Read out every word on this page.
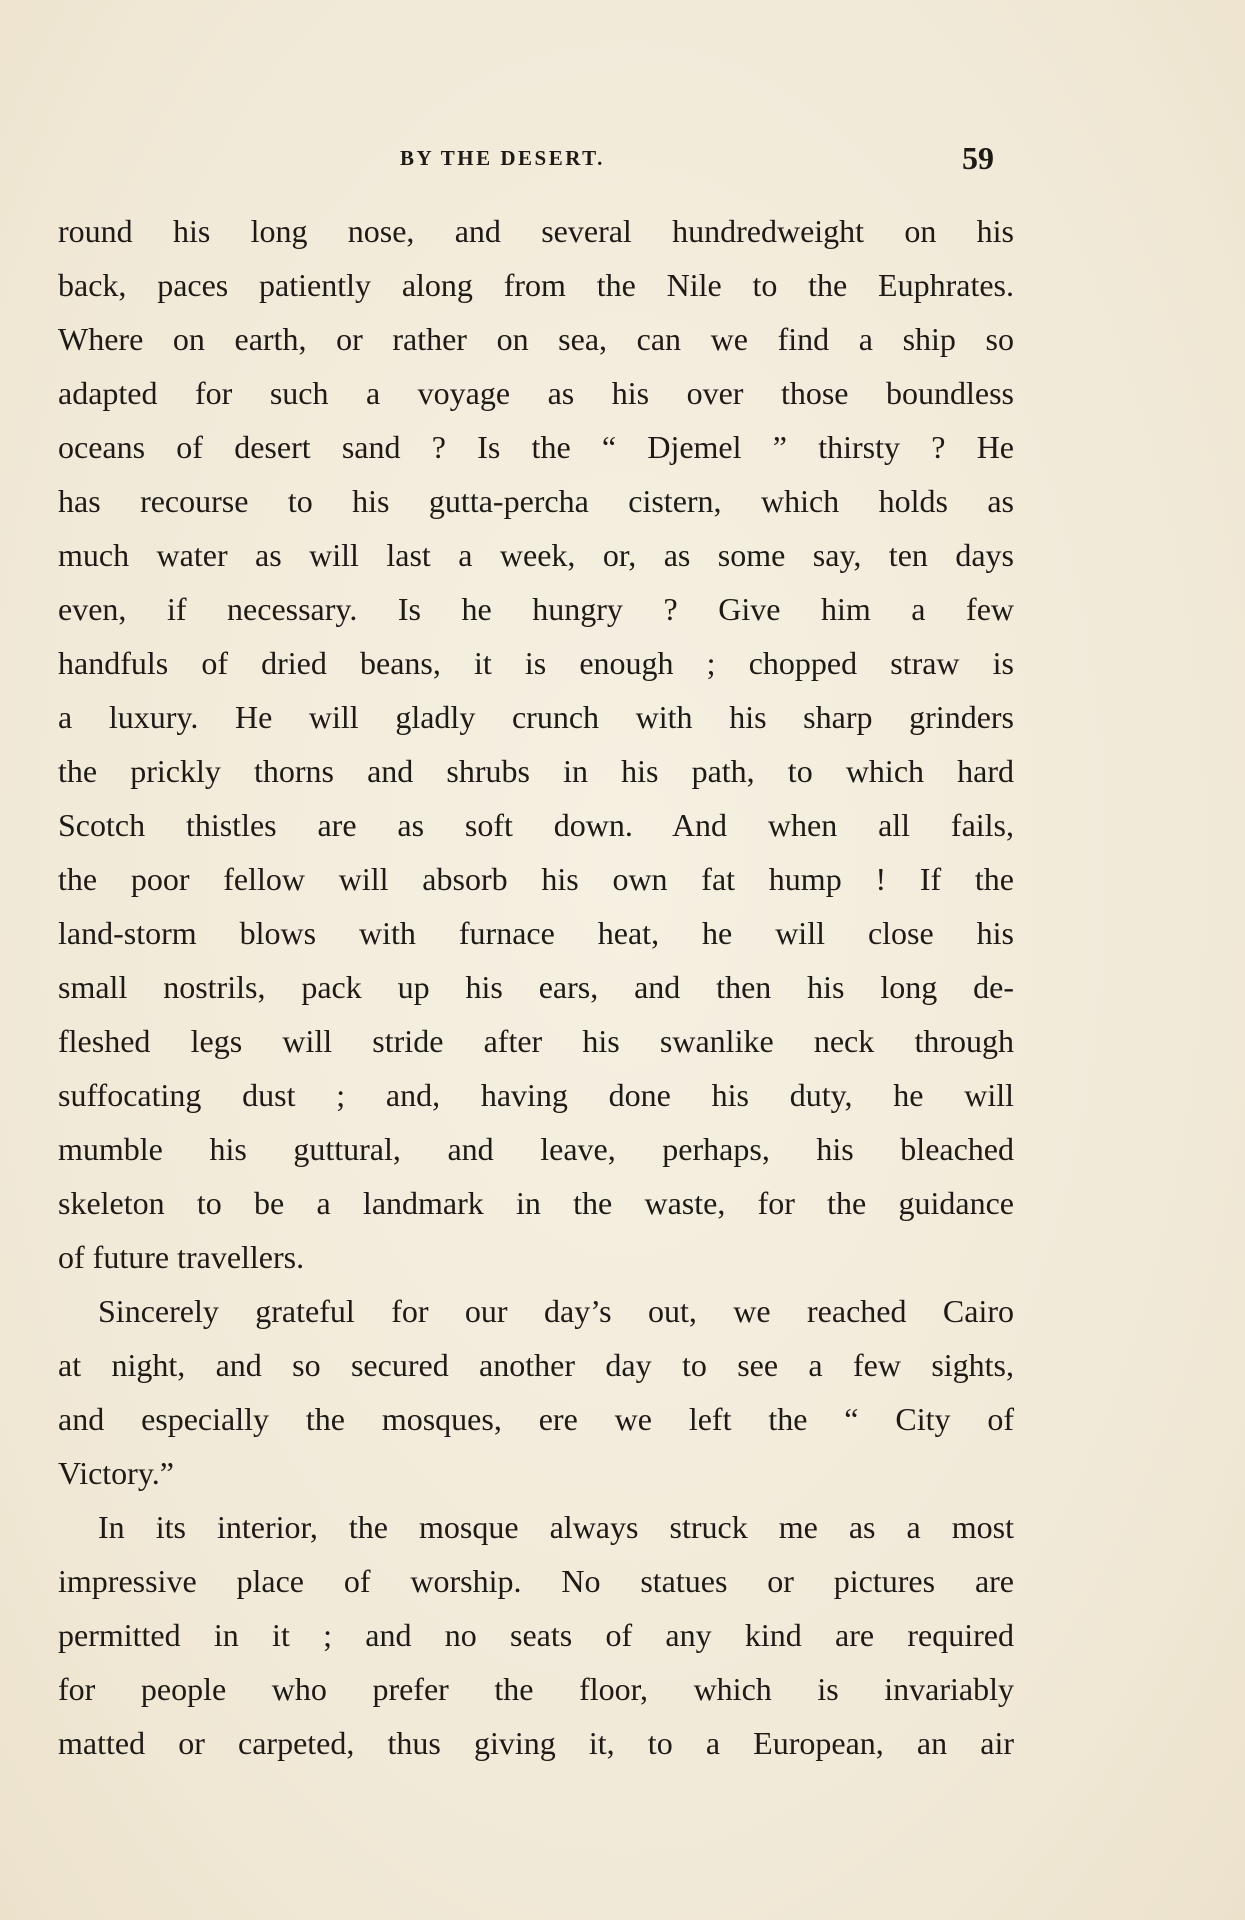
BY THE DESERT.	59
round his long nose, and several hundredweight on his
back, paces patiently along from the Nile to the Euphrates.
Where on earth, or rather on sea, can we find a ship so
adapted for such a voyage as his over those boundless
oceans of desert sand ? Is the “ Djemel ” thirsty ? He
has recourse to his gutta-percha cistern, which holds as
much water as will last a week, or, as some say, ten days
even, if necessary. Is he hungry ? Give him a few
handfuls of dried beans, it is enough ; chopped straw is
a luxury. He will gladly crunch with his sharp grinders
the prickly thorns and shrubs in his path, to which hard
Scotch thistles are as soft down. And when all fails,
the poor fellow will absorb his own fat hump ! If the
land-storm blows with furnace heat, he will close his
small nostrils, pack up his ears, and then his long de-
fleshed legs will stride after his swanlike neck through
suffocating dust ; and, having done his duty, he will
mumble his guttural, and leave, perhaps, his bleached
skeleton to be a landmark in the waste, for the guidance
of future travellers.
Sincerely grateful for our day’s out, we reached Cairo
at night, and so secured another day to see a few sights,
and especially the mosques, ere we left the “ City of
Victory.”
In its interior, the mosque always struck me as a most
impressive place of worship. No statues or pictures are
permitted in it ; and no seats of any kind are required
for people who prefer the floor, which is invariably
matted or carpeted, thus giving it, to a European, an air
